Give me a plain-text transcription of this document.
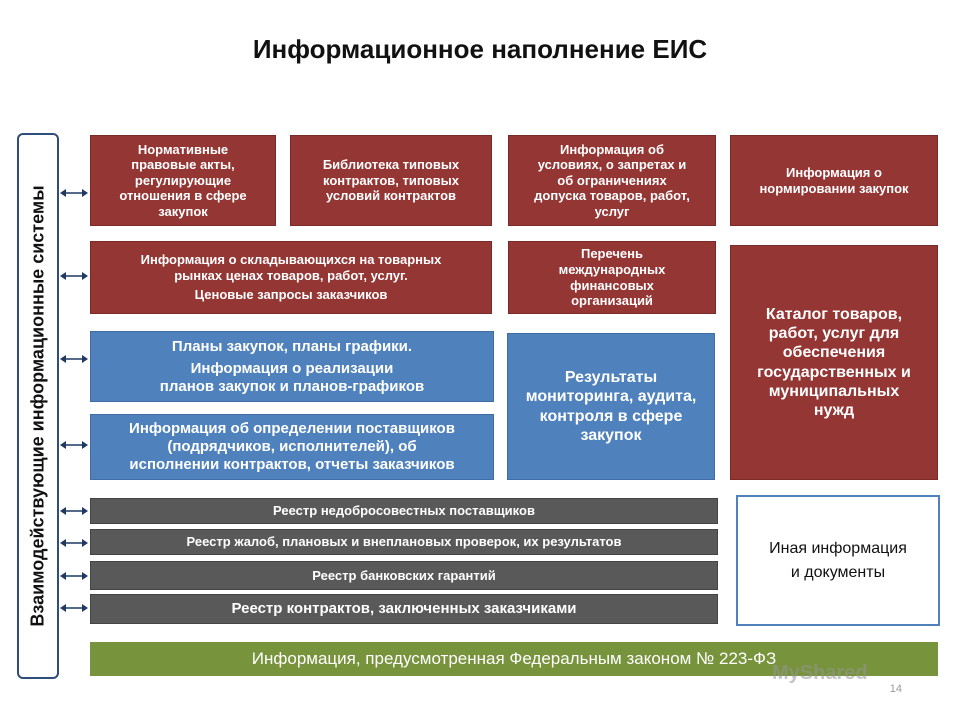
Информационное наполнение ЕИС
Взаимодействующие информационные системы
Нормативные
правовые акты,
регулирующие
отношения в сфере
закупок
Библиотека типовых
контрактов, типовых
условий контрактов
Информация об
условиях, о запретах и
об ограничениях
допуска товаров, работ,
услуг
Информация о
нормировании закупок
Информация о складывающихся на товарных
рынках ценах товаров, работ, услуг.
Ценовые запросы заказчиков
Перечень
международных
финансовых
организаций
Каталог товаров,
работ, услуг для
обеспечения
государственных и
муниципальных
нужд
Планы закупок, планы графики.
Информация о реализации
планов закупок и планов-графиков
Информация об определении поставщиков
(подрядчиков, исполнителей), об
исполнении контрактов, отчеты заказчиков
Результаты
мониторинга, аудита,
контроля в сфере
закупок
Реестр недобросовестных поставщиков
Реестр жалоб, плановых и внеплановых проверок, их результатов
Реестр банковских гарантий
Реестр контрактов, заключенных заказчиками
Иная информация
и документы
Информация, предусмотренная Федеральным законом № 223-ФЗ
MyShared
14
